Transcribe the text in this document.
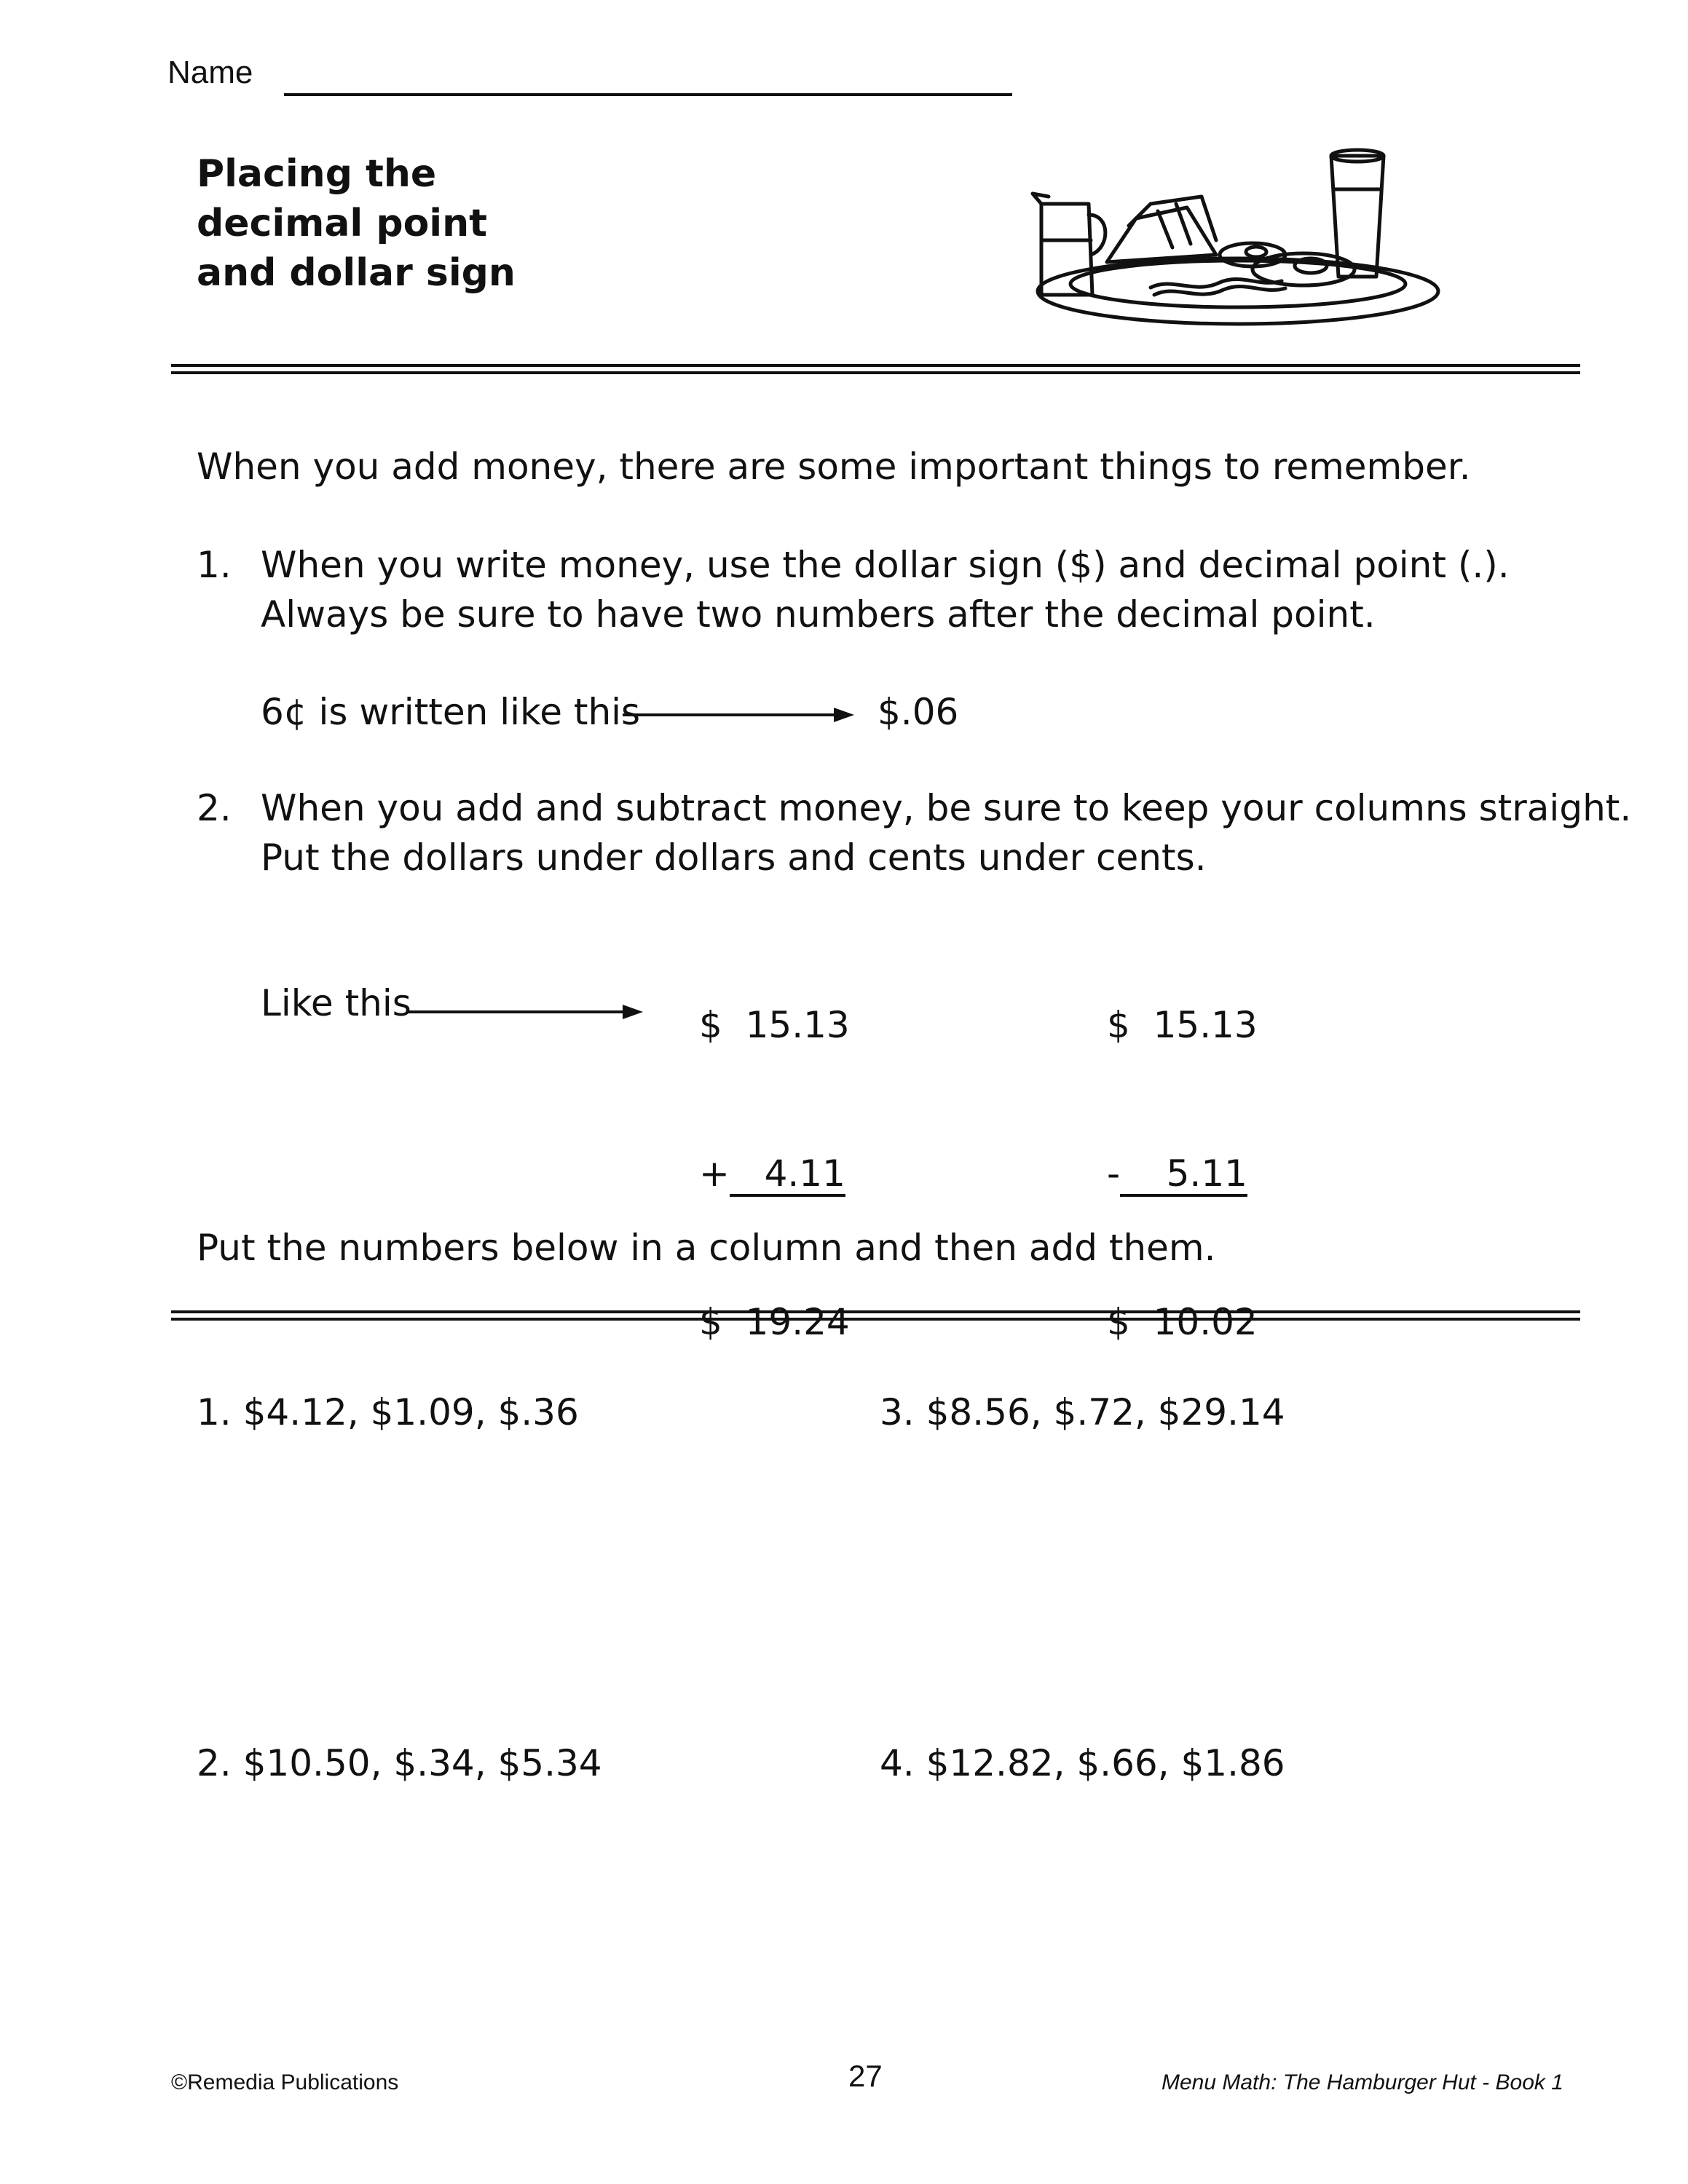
Name
Placing the
decimal point
and dollar sign
When you add money, there are some important things to remember.
1. When you write money, use the dollar sign ($) and decimal point (.).
Always be sure to have two numbers after the decimal point.
6¢ is written like this	$.06
2. When you add and subtract money, be sure to keep your columns straight.
Put the dollars under dollars and cents under cents.
Like this

$  15.13

+   4.11

$  19.24

$  15.13

-    5.11

$  10.02

Put the numbers below in a column and then add them.
1. $4.12, $1.09, $.36	3. $8.56, $.72, $29.14
2. $10.50, $.34, $5.34	4. $12.82, $.66, $1.86
©Remedia Publications	27	Menu Math: The Hamburger Hut - Book 1
